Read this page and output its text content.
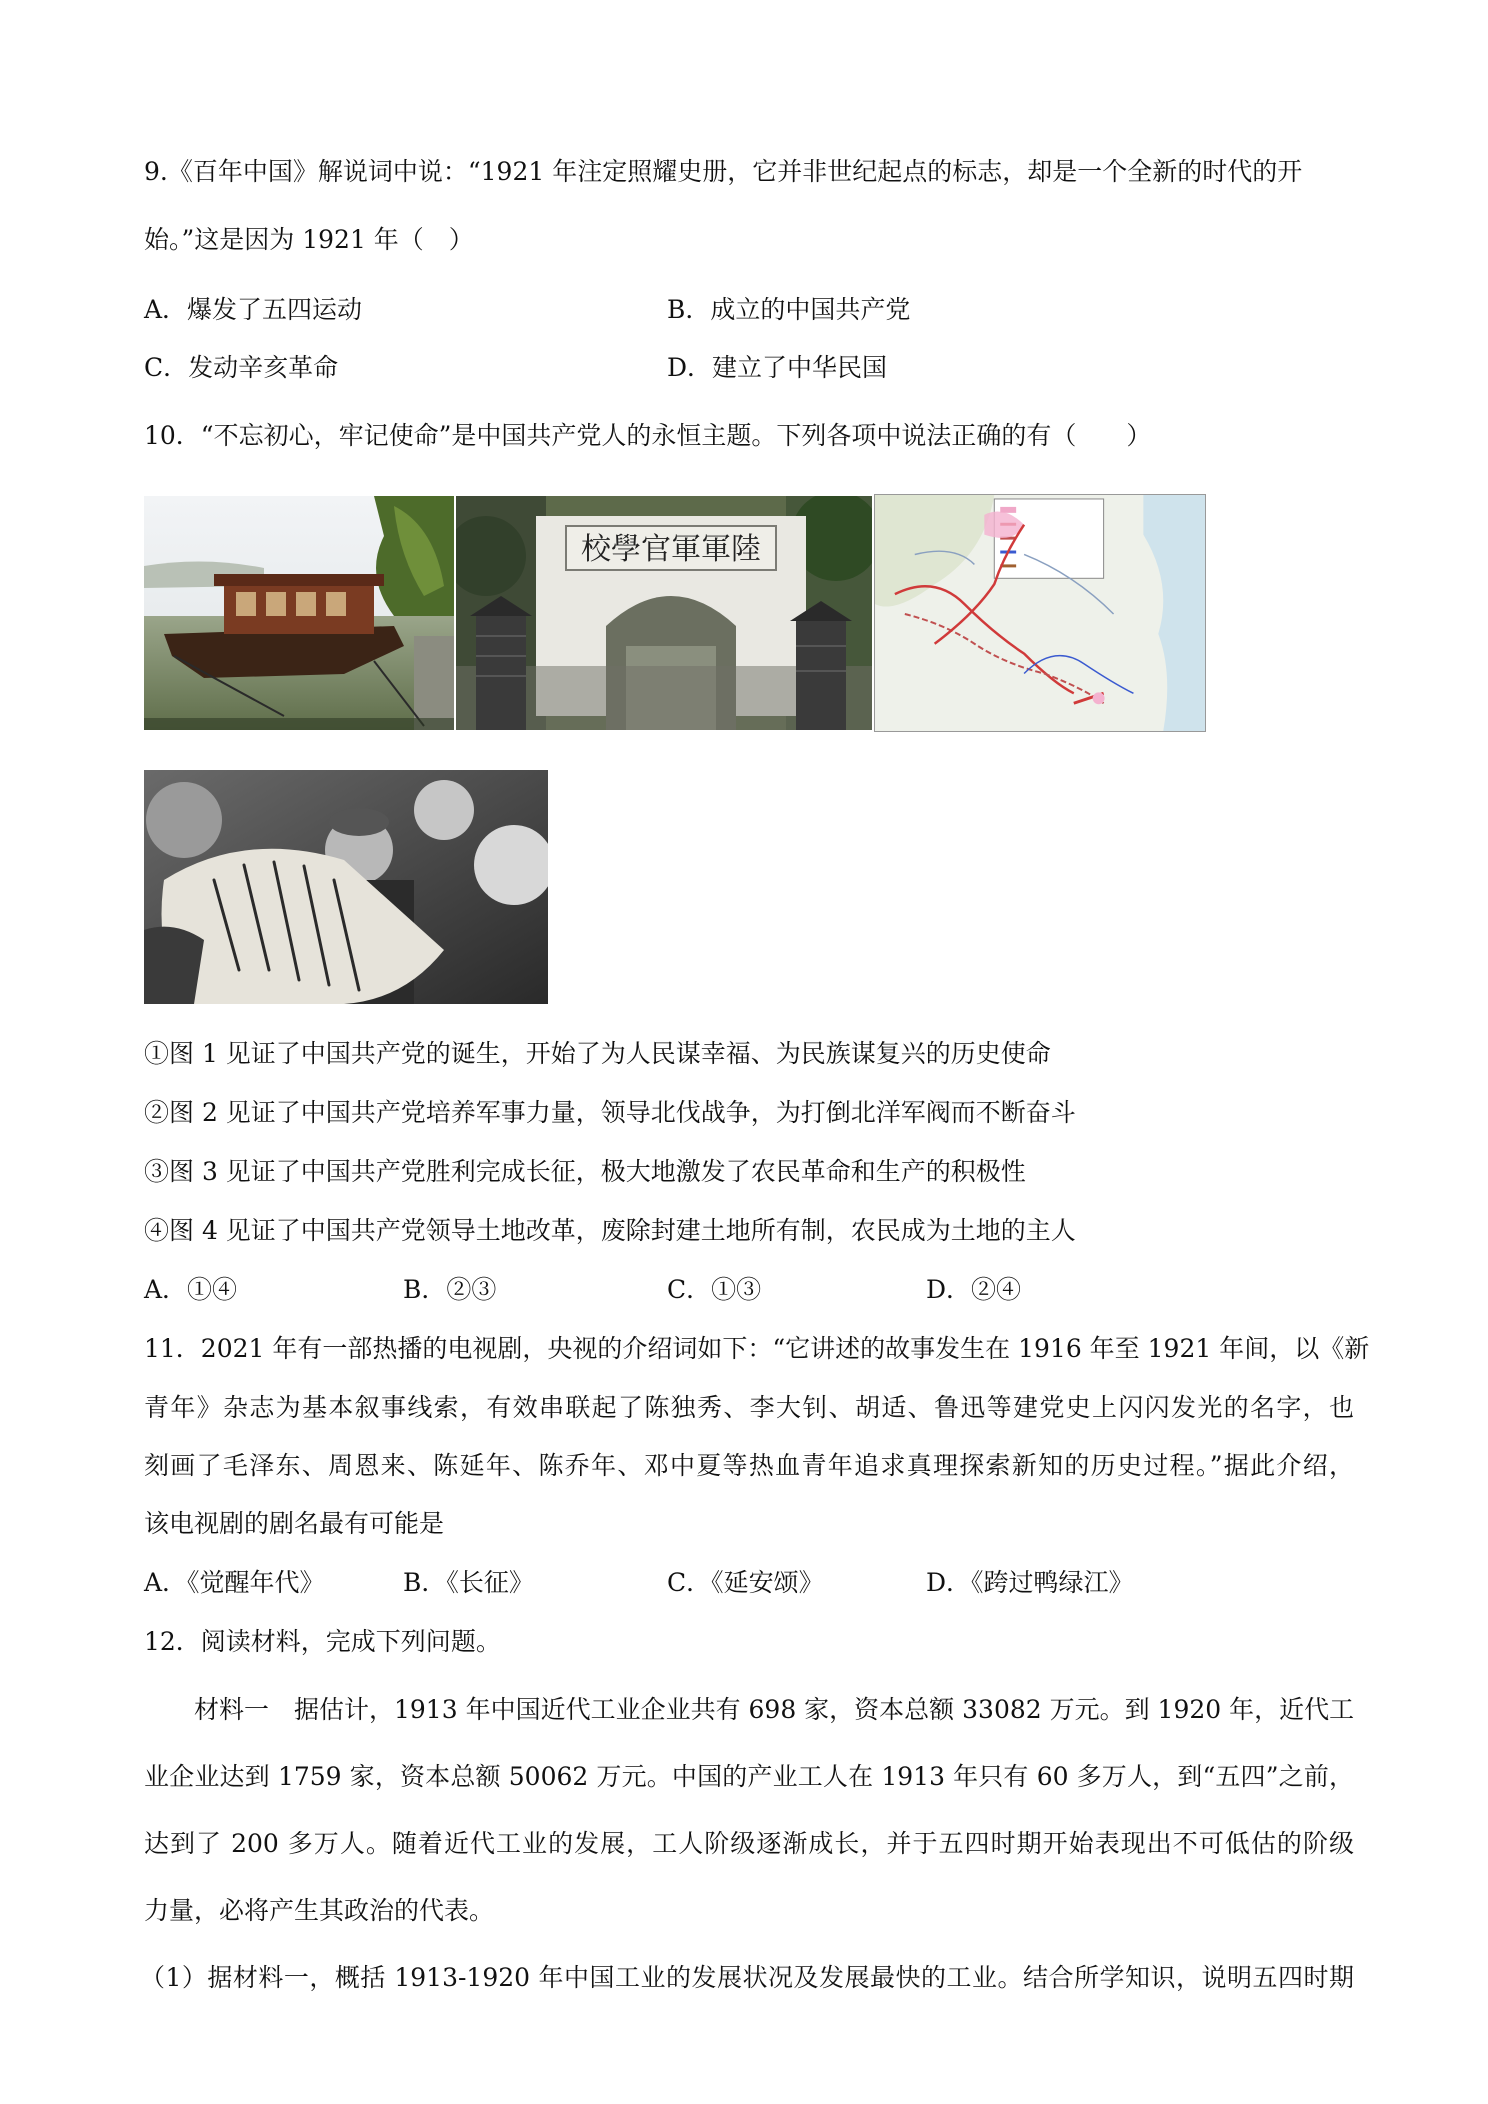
9.《百年中国》解说词中说：“1921 年注定照耀史册，它并非世纪起点的标志，却是一个全新的时代的开
始。”这是因为 1921 年（　）
A．爆发了五四运动	B．成立的中国共产党
C．发动辛亥革命	D．建立了中华民国
10．“不忘初心，牢记使命”是中国共产党人的永恒主题。下列各项中说法正确的有（　　）
校學官軍軍陸
①图 1 见证了中国共产党的诞生，开始了为人民谋幸福、为民族谋复兴的历史使命
②图 2 见证了中国共产党培养军事力量，领导北伐战争，为打倒北洋军阀而不断奋斗
③图 3 见证了中国共产党胜利完成长征，极大地激发了农民革命和生产的积极性
④图 4 见证了中国共产党领导土地改革，废除封建土地所有制，农民成为土地的主人
A．①④	B．②③	C．①③	D．②④
11．2021 年有一部热播的电视剧，央视的介绍词如下：“它讲述的故事发生在 1916 年至 1921 年间，以《新
青年》杂志为基本叙事线索，有效串联起了陈独秀、李大钊、胡适、鲁迅等建党史上闪闪发光的名字，也
刻画了毛泽东、周恩来、陈延年、陈乔年、邓中夏等热血青年追求真理探索新知的历史过程。”据此介绍，
该电视剧的剧名最有可能是
A．《觉醒年代》	B．《长征》	C．《延安颂》	D．《跨过鸭绿江》
12．阅读材料，完成下列问题。
材料一　据估计，1913 年中国近代工业企业共有 698 家，资本总额 33082 万元。到 1920 年，近代工
业企业达到 1759 家，资本总额 50062 万元。中国的产业工人在 1913 年只有 60 多万人，到“五四”之前，
达到了 200 多万人。随着近代工业的发展，工人阶级逐渐成长，并于五四时期开始表现出不可低估的阶级
力量，必将产生其政治的代表。
（1）据材料一，概括 1913-1920 年中国工业的发展状况及发展最快的工业。结合所学知识，说明五四时期
